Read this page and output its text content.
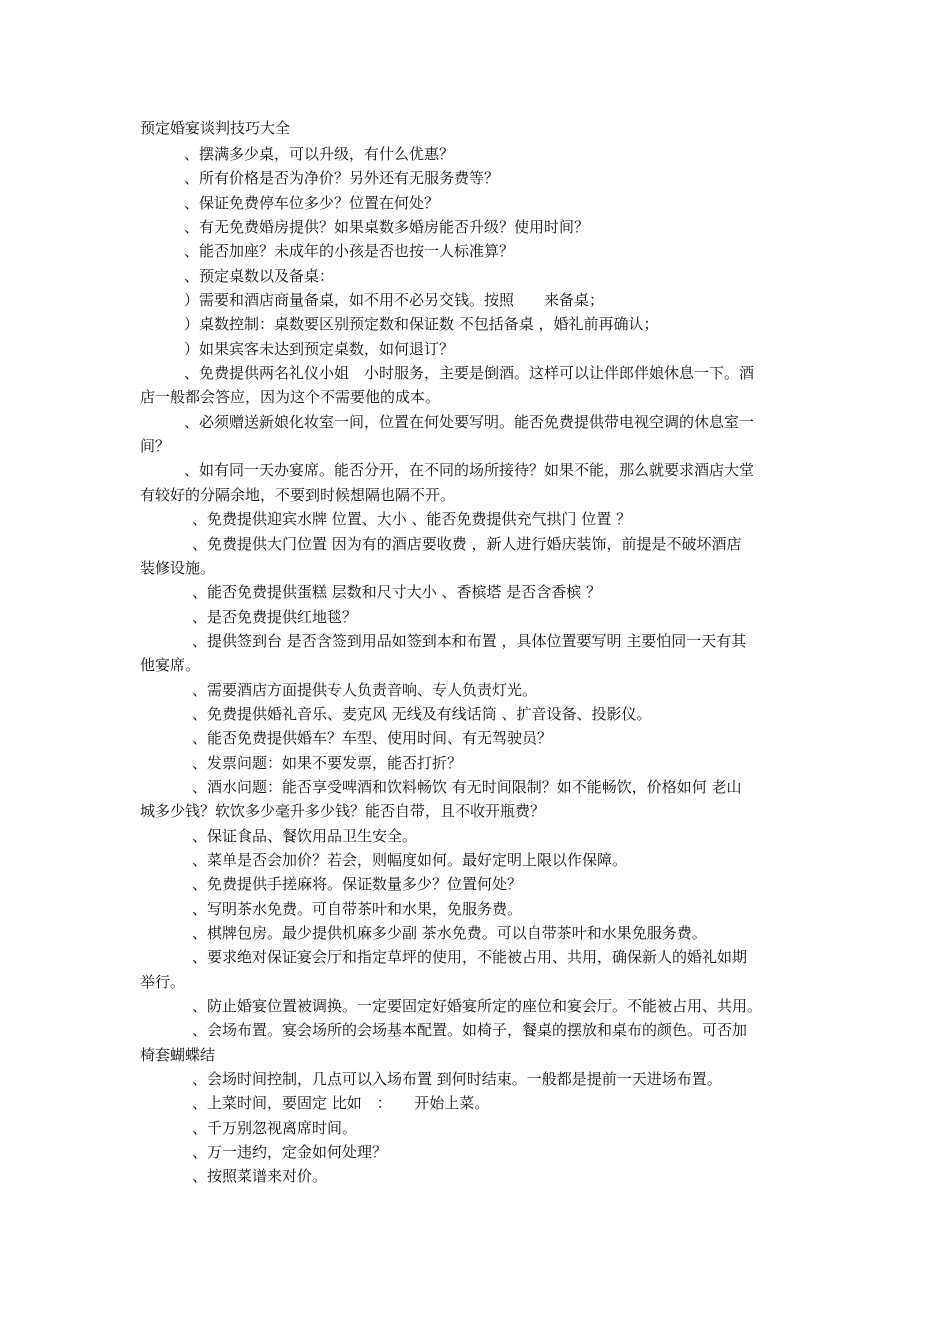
预定婚宴谈判技巧大全
、摆满多少桌，可以升级，有什么优惠？
、所有价格是否为净价？另外还有无服务费等？
、保证免费停车位多少？位置在何处？
、有无免费婚房提供？如果桌数多婚房能否升级？使用时间？
、能否加座？未成年的小孩是否也按一人标准算？
、预定桌数以及备桌：
）需要和酒店商量备桌，如不用不必另交钱。按照　　来备桌；
）桌数控制：桌数要区别预定数和保证数 不包括备桌 ，婚礼前再确认；
）如果宾客未达到预定桌数，如何退订？
、免费提供两名礼仪小姐　小时服务，主要是倒酒。这样可以让伴郎伴娘休息一下。酒
店一般都会答应，因为这个不需要他的成本。
、必须赠送新娘化妆室一间，位置在何处要写明。能否免费提供带电视空调的休息室一
间？
、如有同一天办宴席。能否分开，在不同的场所接待？如果不能，那么就要求酒店大堂
有较好的分隔余地，不要到时候想隔也隔不开。
、免费提供迎宾水牌 位置、大小 、能否免费提供充气拱门 位置 ？
、免费提供大门位置 因为有的酒店要收费 ，新人进行婚庆装饰，前提是不破坏酒店
装修设施。
、能否免费提供蛋糕 层数和尺寸大小 、香槟塔 是否含香槟 ？
、是否免费提供红地毯？
、提供签到台 是否含签到用品如签到本和布置 ，具体位置要写明 主要怕同一天有其
他宴席。
、需要酒店方面提供专人负责音响、专人负责灯光。
、免费提供婚礼音乐、麦克风 无线及有线话筒 、扩音设备、投影仪。
、能否免费提供婚车？车型、使用时间、有无驾驶员？
、发票问题：如果不要发票，能否打折？
、酒水问题：能否享受啤酒和饮料畅饮 有无时间限制？如不能畅饮，价格如何 老山
城多少钱？软饮多少毫升多少钱？能否自带，且不收开瓶费？
、保证食品、餐饮用品卫生安全。
、菜单是否会加价？若会，则幅度如何。最好定明上限以作保障。
、免费提供手搓麻将。保证数量多少？位置何处？
、写明茶水免费。可自带茶叶和水果，免服务费。
、棋牌包房。最少提供机麻多少副 茶水免费。可以自带茶叶和水果免服务费。
、要求绝对保证宴会厅和指定草坪的使用，不能被占用、共用，确保新人的婚礼如期
举行。
、防止婚宴位置被调换。一定要固定好婚宴所定的座位和宴会厅。不能被占用、共用。
、会场布置。宴会场所的会场基本配置。如椅子，餐桌的摆放和桌布的颜色。可否加
椅套蝴蝶结
、会场时间控制，几点可以入场布置 到何时结束。一般都是提前一天进场布置。
、上菜时间，要固定 比如　：　　开始上菜。
、千万别忽视离席时间。
、万一违约，定金如何处理？
、按照菜谱来对价。
